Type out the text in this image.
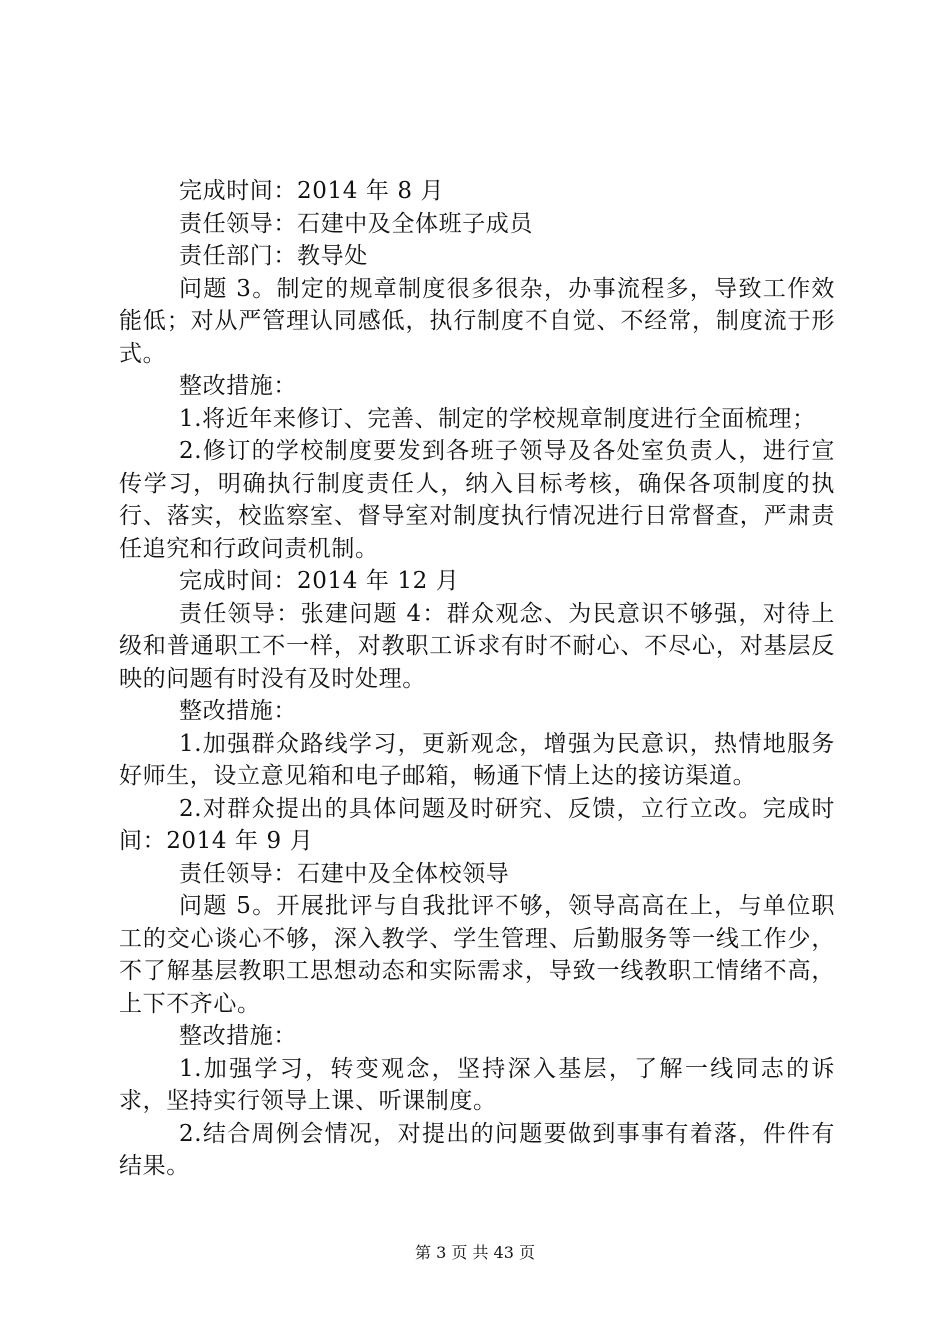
完成时间：2014 年 8 月

责任领导：石建中及全体班子成员

责任部门：教导处

问题 3。制定的规章制度很多很杂，办事流程多，导致工作效能低；对从严管理认同感低，执行制度不自觉、不经常，制度流于形式。

整改措施：

1.将近年来修订、完善、制定的学校规章制度进行全面梳理；

2.修订的学校制度要发到各班子领导及各处室负责人，进行宣传学习，明确执行制度责任人，纳入目标考核，确保各项制度的执行、落实，校监察室、督导室对制度执行情况进行日常督查，严肃责任追究和行政问责机制。

完成时间：2014 年 12 月

责任领导：张建问题 4：群众观念、为民意识不够强，对待上级和普通职工不一样，对教职工诉求有时不耐心、不尽心，对基层反映的问题有时没有及时处理。

整改措施：

1.加强群众路线学习，更新观念，增强为民意识，热情地服务好师生，设立意见箱和电子邮箱，畅通下情上达的接访渠道。

2.对群众提出的具体问题及时研究、反馈，立行立改。完成时间：2014 年 9 月

责任领导：石建中及全体校领导

问题 5。开展批评与自我批评不够，领导高高在上，与单位职工的交心谈心不够，深入教学、学生管理、后勤服务等一线工作少，不了解基层教职工思想动态和实际需求，导致一线教职工情绪不高，上下不齐心。

整改措施：

1.加强学习，转变观念，坚持深入基层，了解一线同志的诉求，坚持实行领导上课、听课制度。

2.结合周例会情况，对提出的问题要做到事事有着落，件件有结果。

第 3 页 共 43 页
